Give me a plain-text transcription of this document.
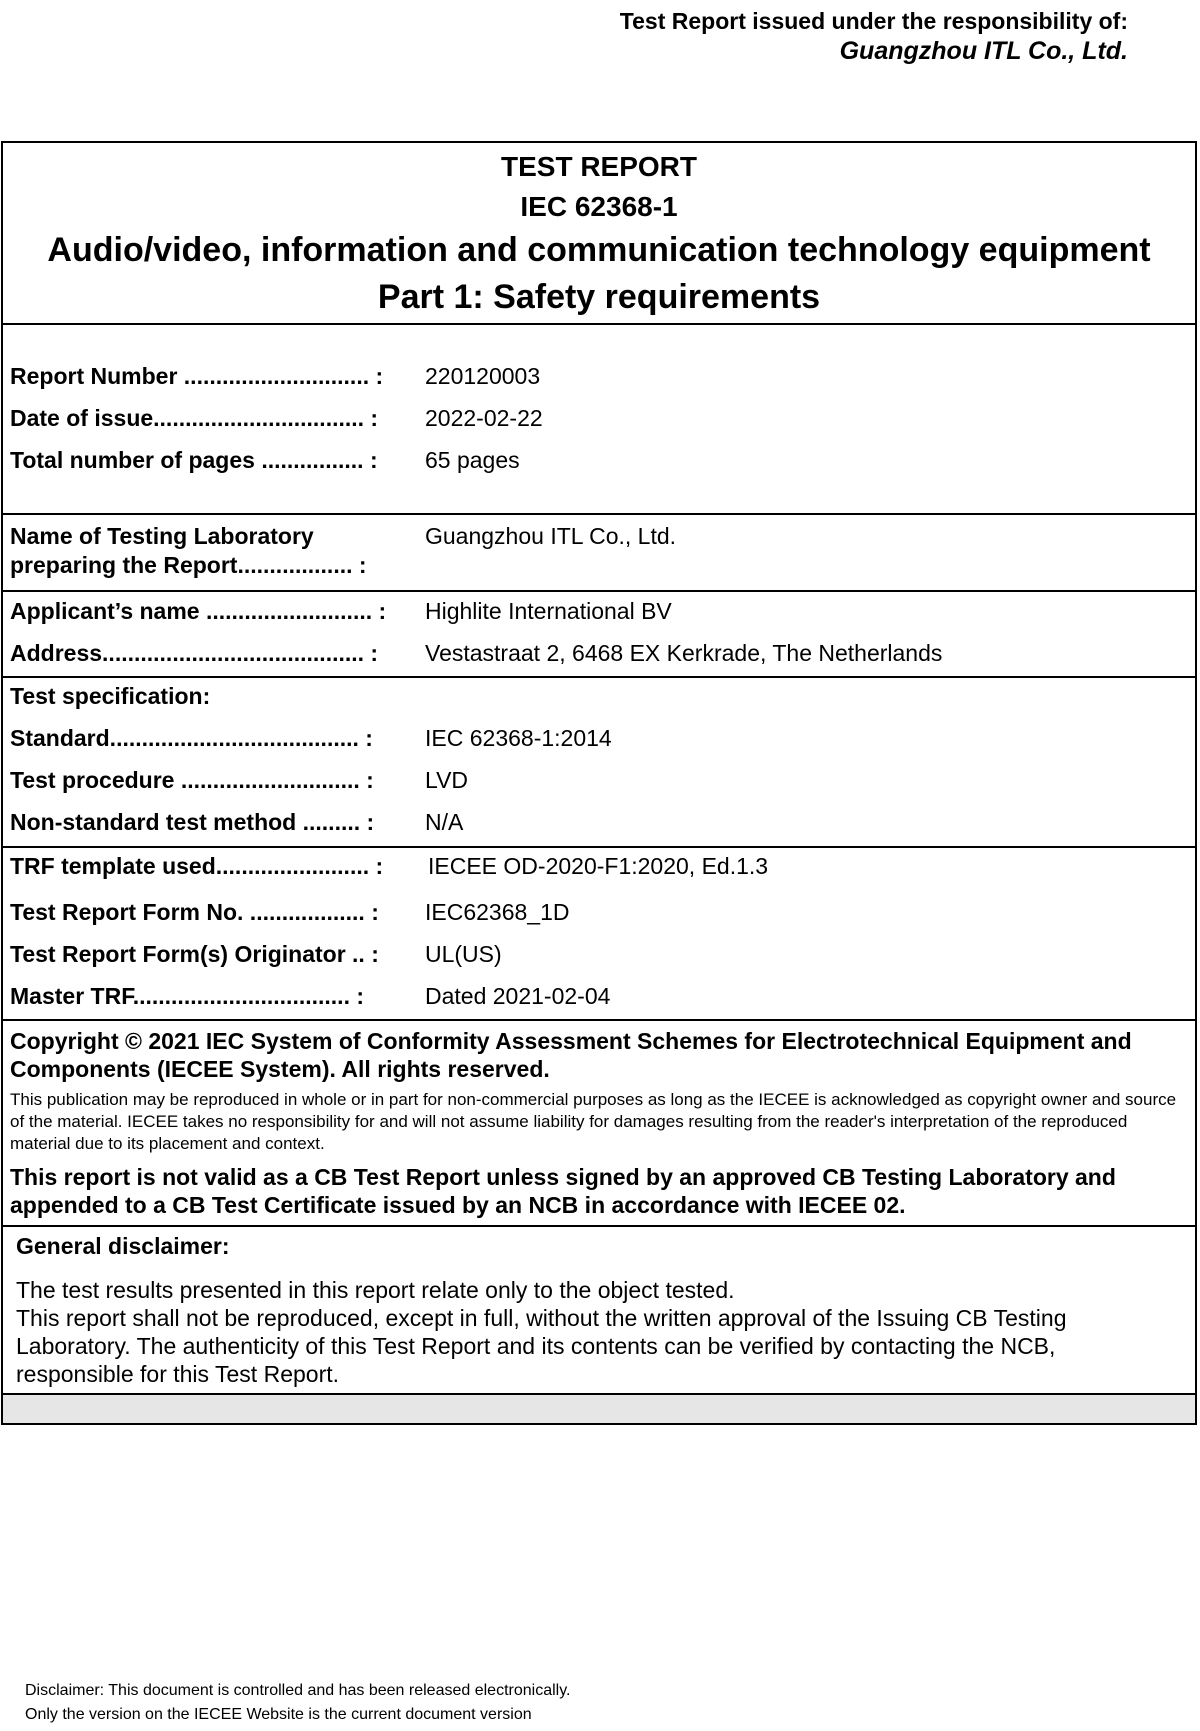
Test Report issued under the responsibility of:
Guangzhou ITL Co., Ltd.
TEST REPORT
IEC 62368-1
Audio/video, information and communication technology equipment
Part 1: Safety requirements
Report Number ............................. :	220120003
Date of issue................................. :	2022-02-22
Total number of pages ................ :	65 pages
Name of Testing Laboratory
preparing the Report.................. :
Guangzhou ITL Co., Ltd.
Applicant’s name .......................... :	Highlite International BV
Address......................................... :	Vestastraat 2, 6468 EX Kerkrade, The Netherlands
Test specification:
Standard....................................... :	IEC 62368-1:2014
Test procedure ............................ :	LVD
Non-standard test method ......... :	N/A
TRF template used........................ :	IECEE OD-2020-F1:2020, Ed.1.3
Test Report Form No. .................. :	IEC62368_1D
Test Report Form(s) Originator .. :	UL(US)
Master TRF.................................. :	Dated 2021-02-04
Copyright © 2021 IEC System of Conformity Assessment Schemes for Electrotechnical Equipment and Components (IECEE System). All rights reserved.
This publication may be reproduced in whole or in part for non-commercial purposes as long as the IECEE is acknowledged as copyright owner and source of the material. IECEE takes no responsibility for and will not assume liability for damages resulting from the reader's interpretation of the reproduced material due to its placement and context.
This report is not valid as a CB Test Report unless signed by an approved CB Testing Laboratory and appended to a CB Test Certificate issued by an NCB in accordance with IECEE 02.
General disclaimer:
The test results presented in this report relate only to the object tested.
This report shall not be reproduced, except in full, without the written approval of the Issuing CB Testing Laboratory. The authenticity of this Test Report and its contents can be verified by contacting the NCB, responsible for this Test Report.
Disclaimer: This document is controlled and has been released electronically.
Only the version on the IECEE Website is the current document version
